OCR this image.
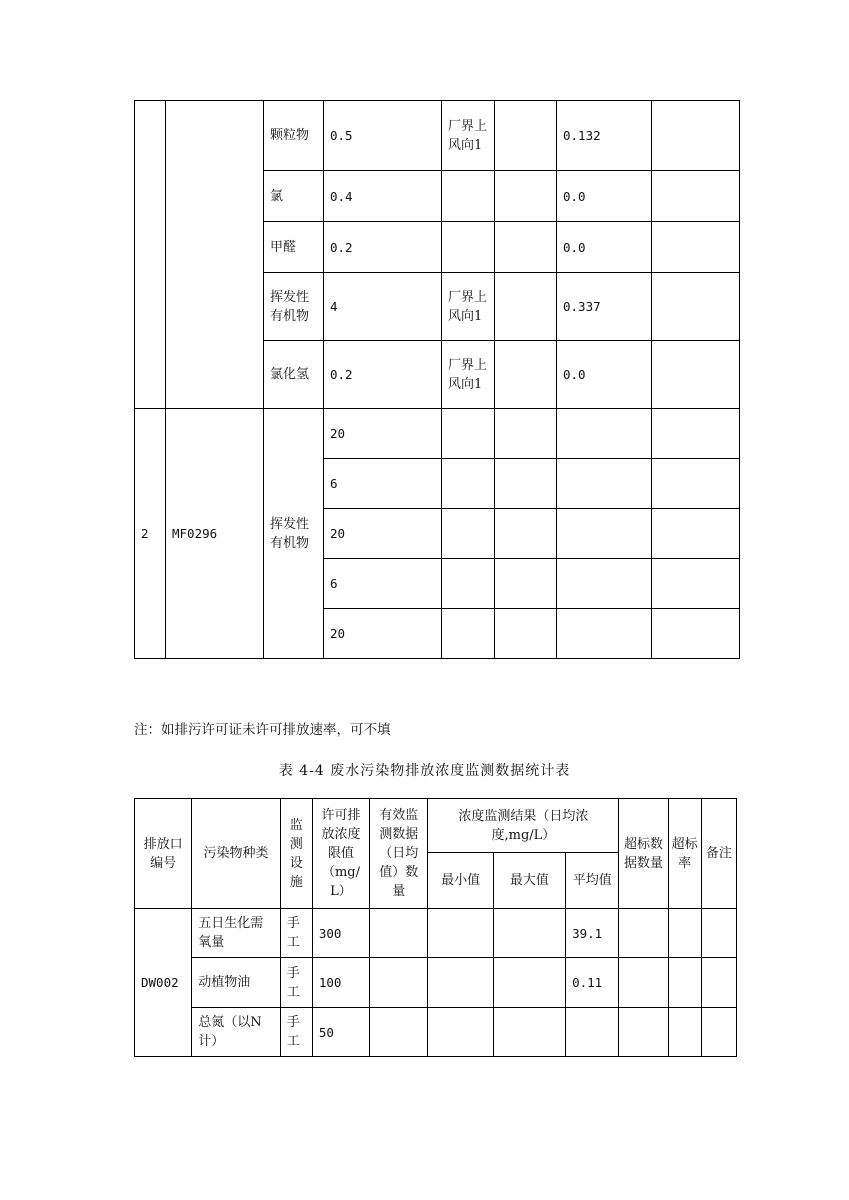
		颗粒物	0.5	厂界上风向1		0.132	
		氯	0.4			0.0	
		甲醛	0.2			0.0	
		挥发性有机物	4	厂界上风向1		0.337	
		氯化氢	0.2	厂界上风向1		0.0	
2	MF0296	挥发性有机物	20				
			6				
			20				
			6				
			20				
注：如排污许可证未许可排放速率，可不填
表 4-4 废水污染物排放浓度监测数据统计表
排放口编号	污染物种类	监测设施	许可排放浓度限值（mg/L）	有效监测数据（日均值）数量	浓度监测结果（日均浓度,mg/L）			超标数据数量	超标率	备注
					最小值	最大值	平均值			
DW002	五日生化需氧量	手工	300				39.1			
	动植物油	手工	100				0.11			
	总氮（以N计）	手工	50							
